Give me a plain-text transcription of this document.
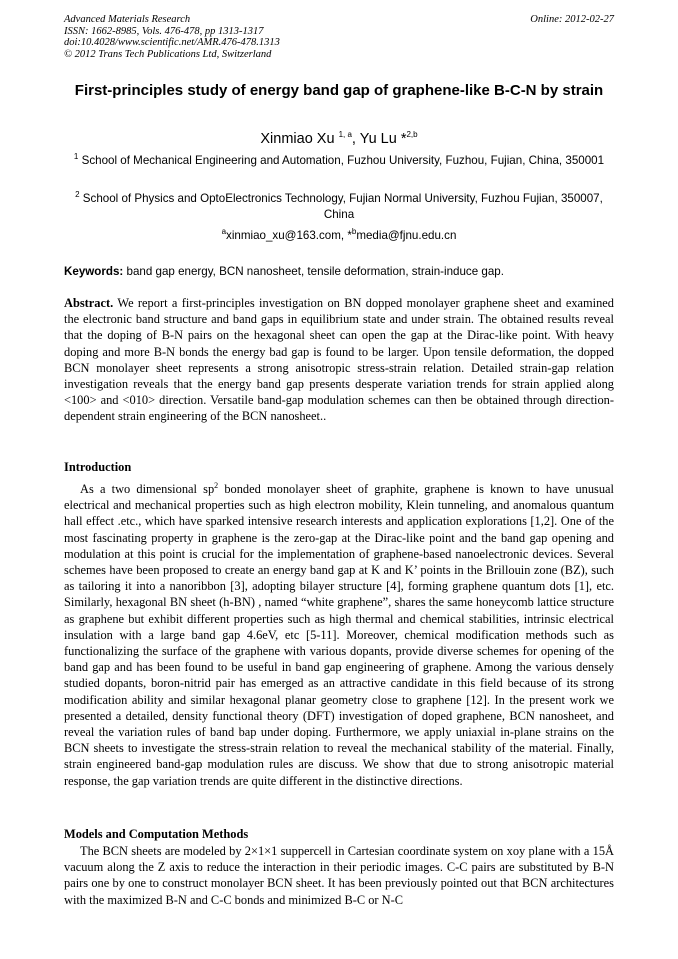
Advanced Materials Research
ISSN: 1662-8985, Vols. 476-478, pp 1313-1317
doi:10.4028/www.scientific.net/AMR.476-478.1313
© 2012 Trans Tech Publications Ltd, Switzerland
Online: 2012-02-27
First-principles study of energy band gap of graphene-like B-C-N by strain
Xinmiao Xu $^{1, a}$, Yu Lu *$^{2,b}$
$^1$ School of Mechanical Engineering and Automation, Fuzhou University, Fuzhou, Fujian, China, 350001
$^2$ School of Physics and OptoElectronics Technology, Fujian Normal University, Fuzhou Fujian, 350007, China
$^a$xinmiao_xu@163.com, *$^b$media@fjnu.edu.cn
Keywords: band gap energy, BCN nanosheet, tensile deformation, strain-induce gap.
Abstract. We report a first-principles investigation on BN dopped monolayer graphene sheet and examined the electronic band structure and band gaps in equilibrium state and under strain. The obtained results reveal that the doping of B-N pairs on the hexagonal sheet can open the gap at the Dirac-like point. With heavy doping and more B-N bonds the energy bad gap is found to be larger. Upon tensile deformation, the dopped BCN monolayer sheet represents a strong anisotropic stress-strain relation. Detailed strain-gap relation investigation reveals that the energy band gap presents desperate variation trends for strain applied along <100> and <010> direction. Versatile band-gap modulation schemes can then be obtained through direction-dependent strain engineering of the BCN nanosheet..
Introduction
As a two dimensional $sp^2$ bonded monolayer sheet of graphite, graphene is known to have unusual electrical and mechanical properties such as high electron mobility, Klein tunneling, and anomalous quantum hall effect .etc., which have sparked intensive research interests and application explorations [1,2]. One of the most fascinating property in graphene is the zero-gap at the Dirac-like point and the band gap opening and modulation at this point is crucial for the implementation of graphene-based nanoelectronic devices. Several schemes have been proposed to create an energy band gap at K and K’ points in the Brillouin zone (BZ), such as tailoring it into a nanoribbon [3], adopting bilayer structure [4], forming graphene quantum dots [1], etc. Similarly, hexagonal BN sheet (h-BN) , named “white graphene”, shares the same honeycomb lattice structure as graphene but exhibit different properties such as high thermal and chemical stabilities, intrinsic electrical insulation with a large band gap 4.6eV, etc [5-11]. Moreover, chemical modification methods such as functionalizing the surface of the graphene with various dopants, provide diverse schemes for opening of the band gap and has been found to be useful in band gap engineering of graphene. Among the various densely studied dopants, boron-nitrid pair has emerged as an attractive candidate in this field because of its strong modification ability and similar hexagonal planar geometry close to graphene [12]. In the present work we presented a detailed, density functional theory (DFT) investigation of doped graphene, BCN nanosheet, and reveal the variation rules of band bap under doping. Furthermore, we apply uniaxial in-plane strains on the BCN sheets to investigate the stress-strain relation to reveal the mechanical stability of the material. Finally, strain engineered band-gap modulation rules are discuss. We show that due to strong anisotropic material response, the gap variation trends are quite different in the distinctive directions.
Models and Computation Methods
The BCN sheets are modeled by 2×1×1 suppercell in Cartesian coordinate system on xoy plane with a 15Å vacuum along the Z axis to reduce the interaction in their periodic images. C-C pairs are substituted by B-N pairs one by one to construct monolayer BCN sheet. It has been previously pointed out that BCN architectures with the maximized B-N and C-C bonds and minimized B-C or N-C
